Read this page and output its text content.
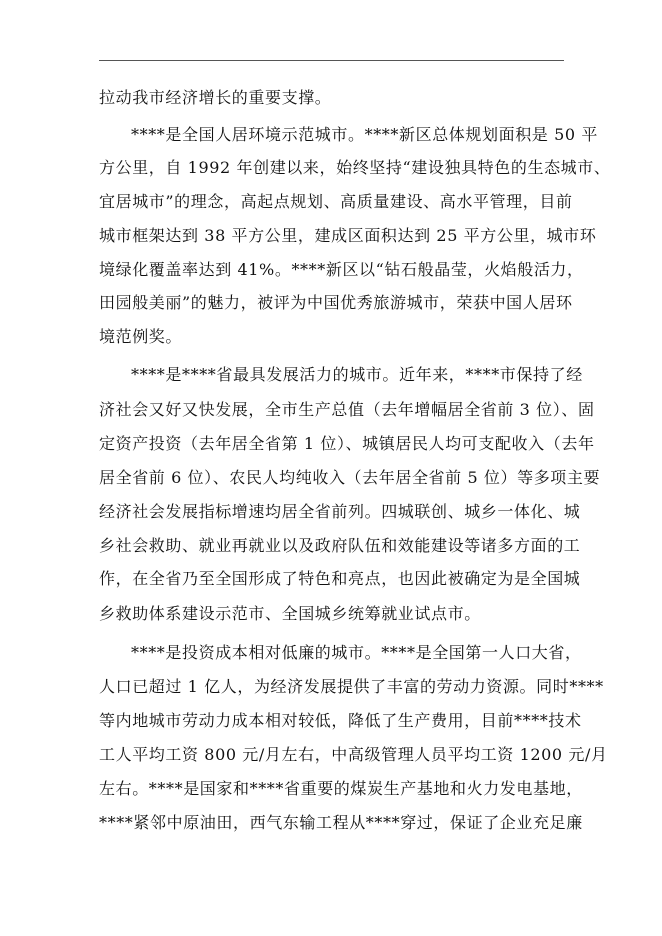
拉动我市经济增长的重要支撑。
****是全国人居环境示范城市。****新区总体规划面积是 50 平
方公里，自 1992 年创建以来，始终坚持“建设独具特色的生态城市、
宜居城市”的理念，高起点规划、高质量建设、高水平管理，目前
城市框架达到 38 平方公里，建成区面积达到 25 平方公里，城市环
境绿化覆盖率达到 41%。****新区以“钻石般晶莹，火焰般活力，
田园般美丽”的魅力，被评为中国优秀旅游城市，荣获中国人居环
境范例奖。
****是****省最具发展活力的城市。近年来，****市保持了经
济社会又好又快发展，全市生产总值（去年增幅居全省前 3 位）、固
定资产投资（去年居全省第 1 位）、城镇居民人均可支配收入（去年
居全省前 6 位）、农民人均纯收入（去年居全省前 5 位）等多项主要
经济社会发展指标增速均居全省前列。四城联创、城乡一体化、城
乡社会救助、就业再就业以及政府队伍和效能建设等诸多方面的工
作，在全省乃至全国形成了特色和亮点，也因此被确定为是全国城
乡救助体系建设示范市、全国城乡统筹就业试点市。
****是投资成本相对低廉的城市。****是全国第一人口大省，
人口已超过 1 亿人，为经济发展提供了丰富的劳动力资源。同时****
等内地城市劳动力成本相对较低，降低了生产费用，目前****技术
工人平均工资 800 元/月左右，中高级管理人员平均工资 1200 元/月
左右。****是国家和****省重要的煤炭生产基地和火力发电基地，
****紧邻中原油田，西气东输工程从****穿过，保证了企业充足廉
